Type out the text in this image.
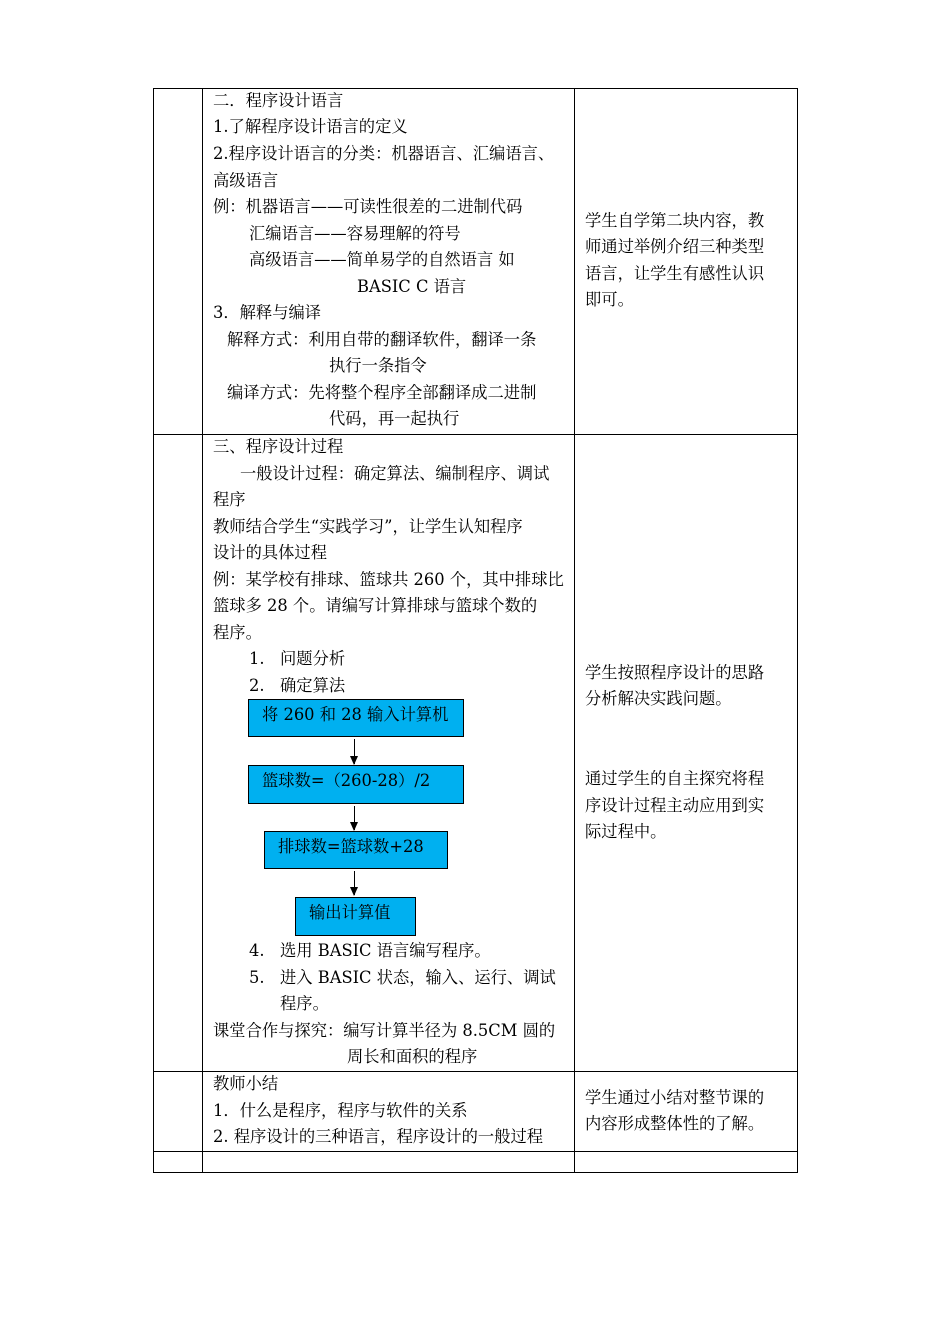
二．程序设计语言
1.了解程序设计语言的定义
2.程序设计语言的分类：机器语言、汇编语言、
高级语言
例：机器语言——可读性很差的二进制代码
汇编语言——容易理解的符号
高级语言——简单易学的自然语言 如
BASIC C 语言
3．解释与编译
解释方式：利用自带的翻译软件，翻译一条
执行一条指令
编译方式：先将整个程序全部翻译成二进制
代码，再一起执行
学生自学第二块内容，教
师通过举例介绍三种类型
语言，让学生有感性认识
即可。
三、程序设计过程
一般设计过程：确定算法、编制程序、调试
程序
教师结合学生“实践学习”，让学生认知程序
设计的具体过程
例：某学校有排球、篮球共 260 个，其中排球比
篮球多 28 个。请编写计算排球与篮球个数的
程序。
1. 问题分析
2. 确定算法
将 260 和 28 输入计算机
篮球数=（260-28）/2
排球数=篮球数+28
输出计算值
4. 选用 BASIC 语言编写程序。
5. 进入 BASIC 状态，输入、运行、调试
程序。
课堂合作与探究：编写计算半径为 8.5CM 圆的
周长和面积的程序
学生按照程序设计的思路
分析解决实践问题。
通过学生的自主探究将程
序设计过程主动应用到实
际过程中。
教师小结
1．什么是程序，程序与软件的关系
2. 程序设计的三种语言，程序设计的一般过程
学生通过小结对整节课的
内容形成整体性的了解。
